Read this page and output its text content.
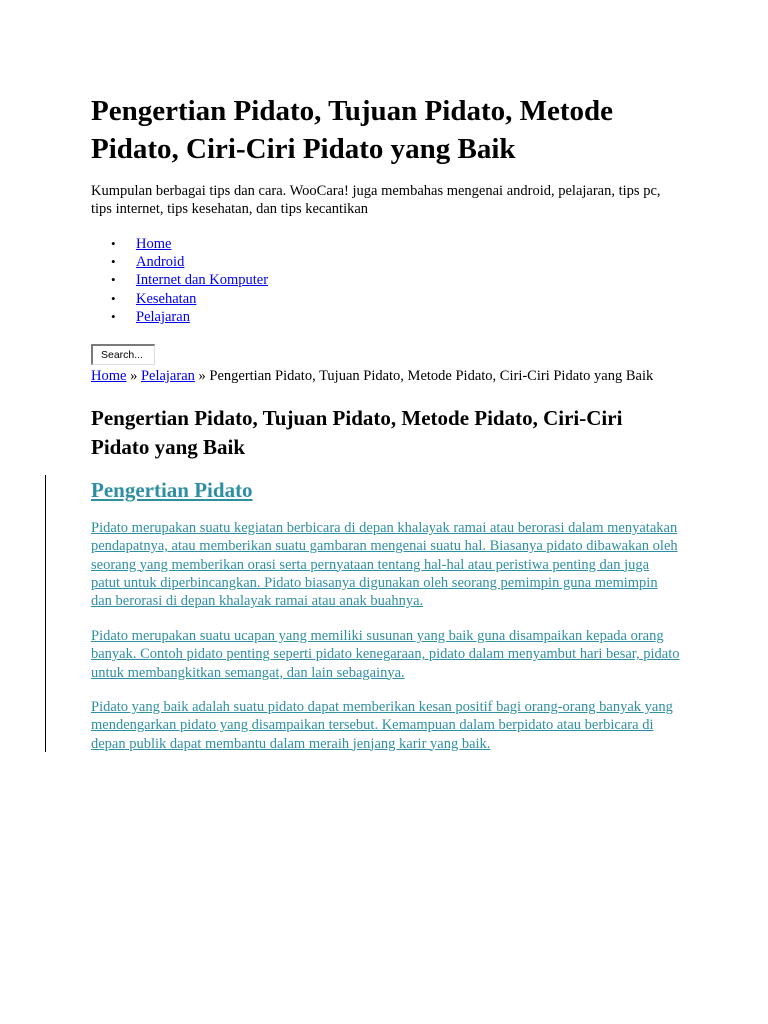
Pengertian Pidato, Tujuan Pidato, Metode Pidato, Ciri-Ciri Pidato yang Baik

Kumpulan berbagai tips dan cara. WooCara! juga membahas mengenai android, pelajaran, tips pc, tips internet, tips kesehatan, dan tips kecantikan

• Home
• Android
• Internet dan Komputer
• Kesehatan
• Pelajaran
Search...
Home » Pelajaran » Pengertian Pidato, Tujuan Pidato, Metode Pidato, Ciri-Ciri Pidato yang Baik
Pengertian Pidato, Tujuan Pidato, Metode Pidato, Ciri-Ciri Pidato yang Baik
Pengertian Pidato

Pidato merupakan suatu kegiatan berbicara di depan khalayak ramai atau berorasi dalam menyatakan pendapatnya, atau memberikan suatu gambaran mengenai suatu hal. Biasanya pidato dibawakan oleh seorang yang memberikan orasi serta pernyataan tentang hal-hal atau peristiwa penting dan juga patut untuk diperbincangkan. Pidato biasanya digunakan oleh seorang pemimpin guna memimpin dan berorasi di depan khalayak ramai atau anak buahnya.

Pidato merupakan suatu ucapan yang memiliki susunan yang baik guna disampaikan kepada orang banyak. Contoh pidato penting seperti pidato kenegaraan, pidato dalam menyambut hari besar, pidato untuk membangkitkan semangat, dan lain sebagainya.

Pidato yang baik adalah suatu pidato dapat memberikan kesan positif bagi orang-orang banyak yang mendengarkan pidato yang disampaikan tersebut. Kemampuan dalam berpidato atau berbicara di depan publik dapat membantu dalam meraih jenjang karir yang baik.
